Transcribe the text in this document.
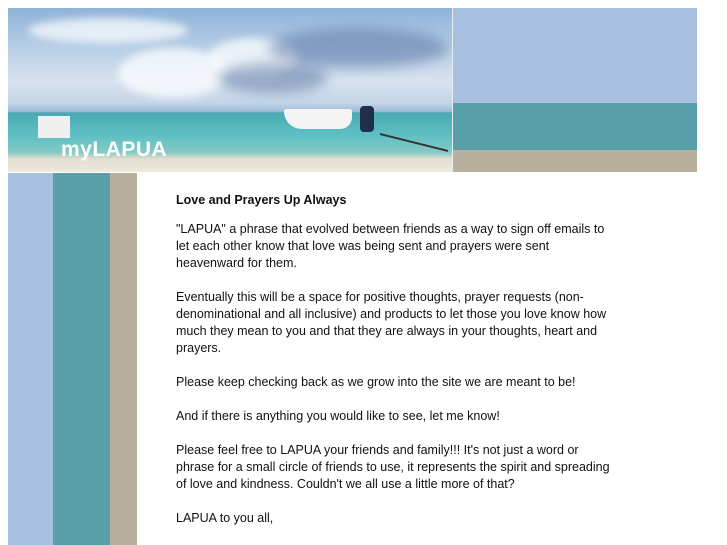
myLAPUA
Love and Prayers Up Always

"LAPUA" a phrase that evolved between friends as a way to sign off emails to let each other know that love was being sent and prayers were sent heavenward for them.

Eventually this will be a space for positive thoughts, prayer requests (non-denominational and all inclusive) and products to let those you love know how much they mean to you and that they are always in your thoughts, heart and prayers.

Please keep checking back as we grow into the site we are meant to be!

And if there is anything you would like to see, let me know!

Please feel free to LAPUA your friends and family!!! It's not just a word or phrase for a small circle of friends to use, it represents the spirit and spreading of love and kindness. Couldn't we all use a little more of that?

LAPUA to you all,
